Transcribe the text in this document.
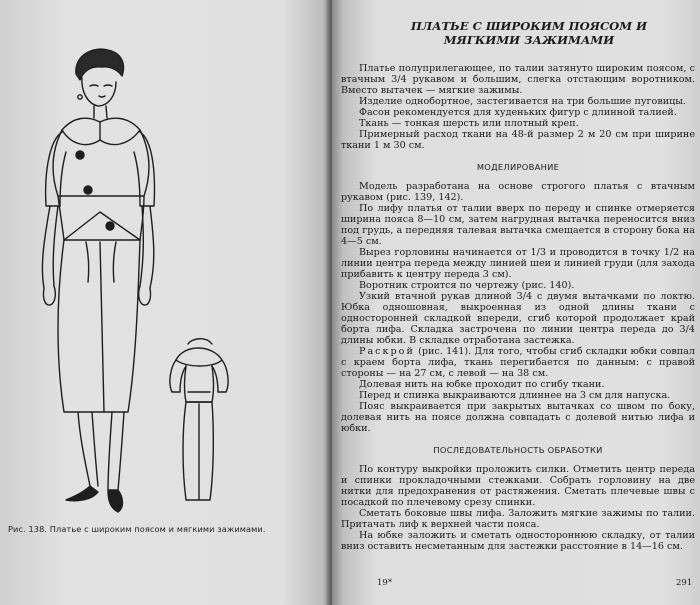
Рис. 138. Платье с широким поясом и мягкими зажимами.
ПЛАТЬЕ С ШИРОКИМ ПОЯСОМ И МЯГКИМИ ЗАЖИМАМИ

Платье полуприлегающее, по талии затянуто широким поясом, с втачным 3/4 рукавом и большим, слегка отстающим воротником. Вместо вытачек — мягкие зажимы.

Изделие однобортное, застегивается на три большие пуговицы.

Фасон рекомендуется для худеньких фигур с длинной талией.

Ткань — тонкая шерсть или плотный креп.

Примерный расход ткани на 48-й размер 2 м 20 см при ширине ткани 1 м 30 см.

МОДЕЛИРОВАНИЕ

Модель разработана на основе строгого платья с втачным рукавом (рис. 139, 142).

По лифу платья от талии вверх по переду и спинке отмеряется ширина пояса 8—10 см, затем нагрудная вытачка переносится вниз под грудь, а передняя талевая вытачка смещается в сторону бока на 4—5 см.

Вырез горловины начинается от 1/3 и проводится в точку 1/2 на линии центра переда между линией шеи и линией груди (для захода прибавить к центру переда 3 см).

Воротник строится по чертежу (рис. 140).

Узкий втачной рукав длиной 3/4 с двумя вытачками по локтю. Юбка одношовная, выкроенная из одной длины ткани с односторонней складкой впереди, сгиб которой продолжает край борта лифа. Складка застрочена по линии центра переда до 3/4 длины юбки. В складке отработана застежка.

Раскрой (рис. 141). Для того, чтобы сгиб складки юбки совпал с краем борта лифа, ткань перегибается по данным: с правой стороны — на 27 см, с левой — на 38 см.

Долевая нить на юбке проходит по сгибу ткани.

Перед и спинка выкраиваются длиннее на 3 см для напуска.

Пояс выкраивается при закрытых вытачках со швом по боку, долевая нить на поясе должна совпадать с долевой нитью лифа и юбки.

ПОСЛЕДОВАТЕЛЬНОСТЬ ОБРАБОТКИ

По контуру выкройки проложить силки. Отметить центр переда и спинки прокладочными стежками. Собрать горловину на две нитки для предохранения от растяжения. Сметать плечевые швы с посадкой по плечевому срезу спинки.

Сметать боковые швы лифа. Заложить мягкие зажимы по талии. Притачать лиф к верхней части пояса.

На юбке заложить и сметать одностороннюю складку, от талии вниз оставить несметанным для застежки расстояние в 14—16 см.

19*	291
